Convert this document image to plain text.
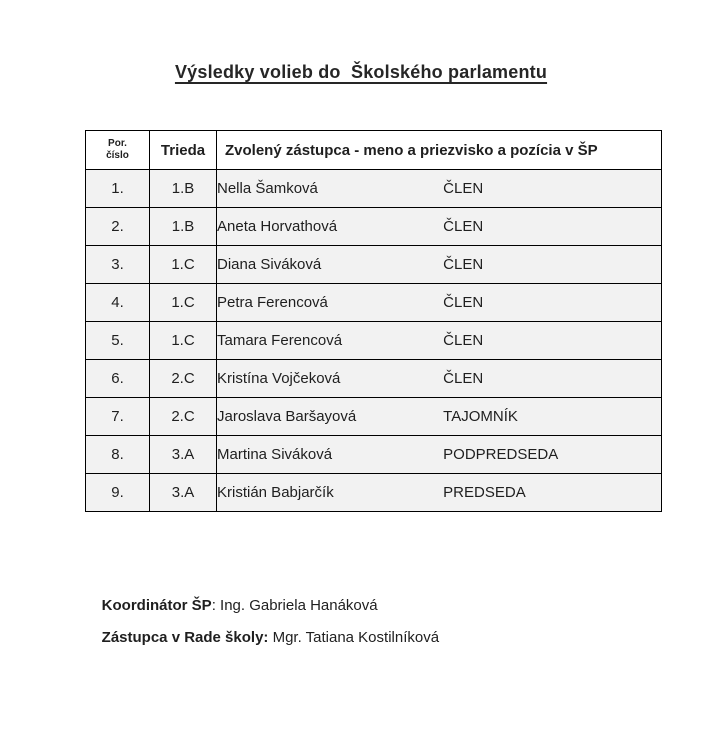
Výsledky volieb do  Školského parlamentu
Por. číslo	Trieda	Zvolený zástupca - meno a priezvisko a pozícia v ŠP
1.	1.B	Nella Šamková ČLEN
2.	1.B	Aneta Horvathová ČLEN
3.	1.C	Diana Siváková ČLEN
4.	1.C	Petra Ferencová ČLEN
5.	1.C	Tamara Ferencová ČLEN
6.	2.C	Kristína Vojčeková ČLEN
7.	2.C	Jaroslava Baršayová TAJOMNÍK
8.	3.A	Martina Siváková PODPREDSEDA
9.	3.A	Kristián Babjarčík PREDSEDA

Koordinátor ŠP: Ing. Gabriela Hanáková

Zástupca v Rade školy: Mgr. Tatiana Kostilníková
